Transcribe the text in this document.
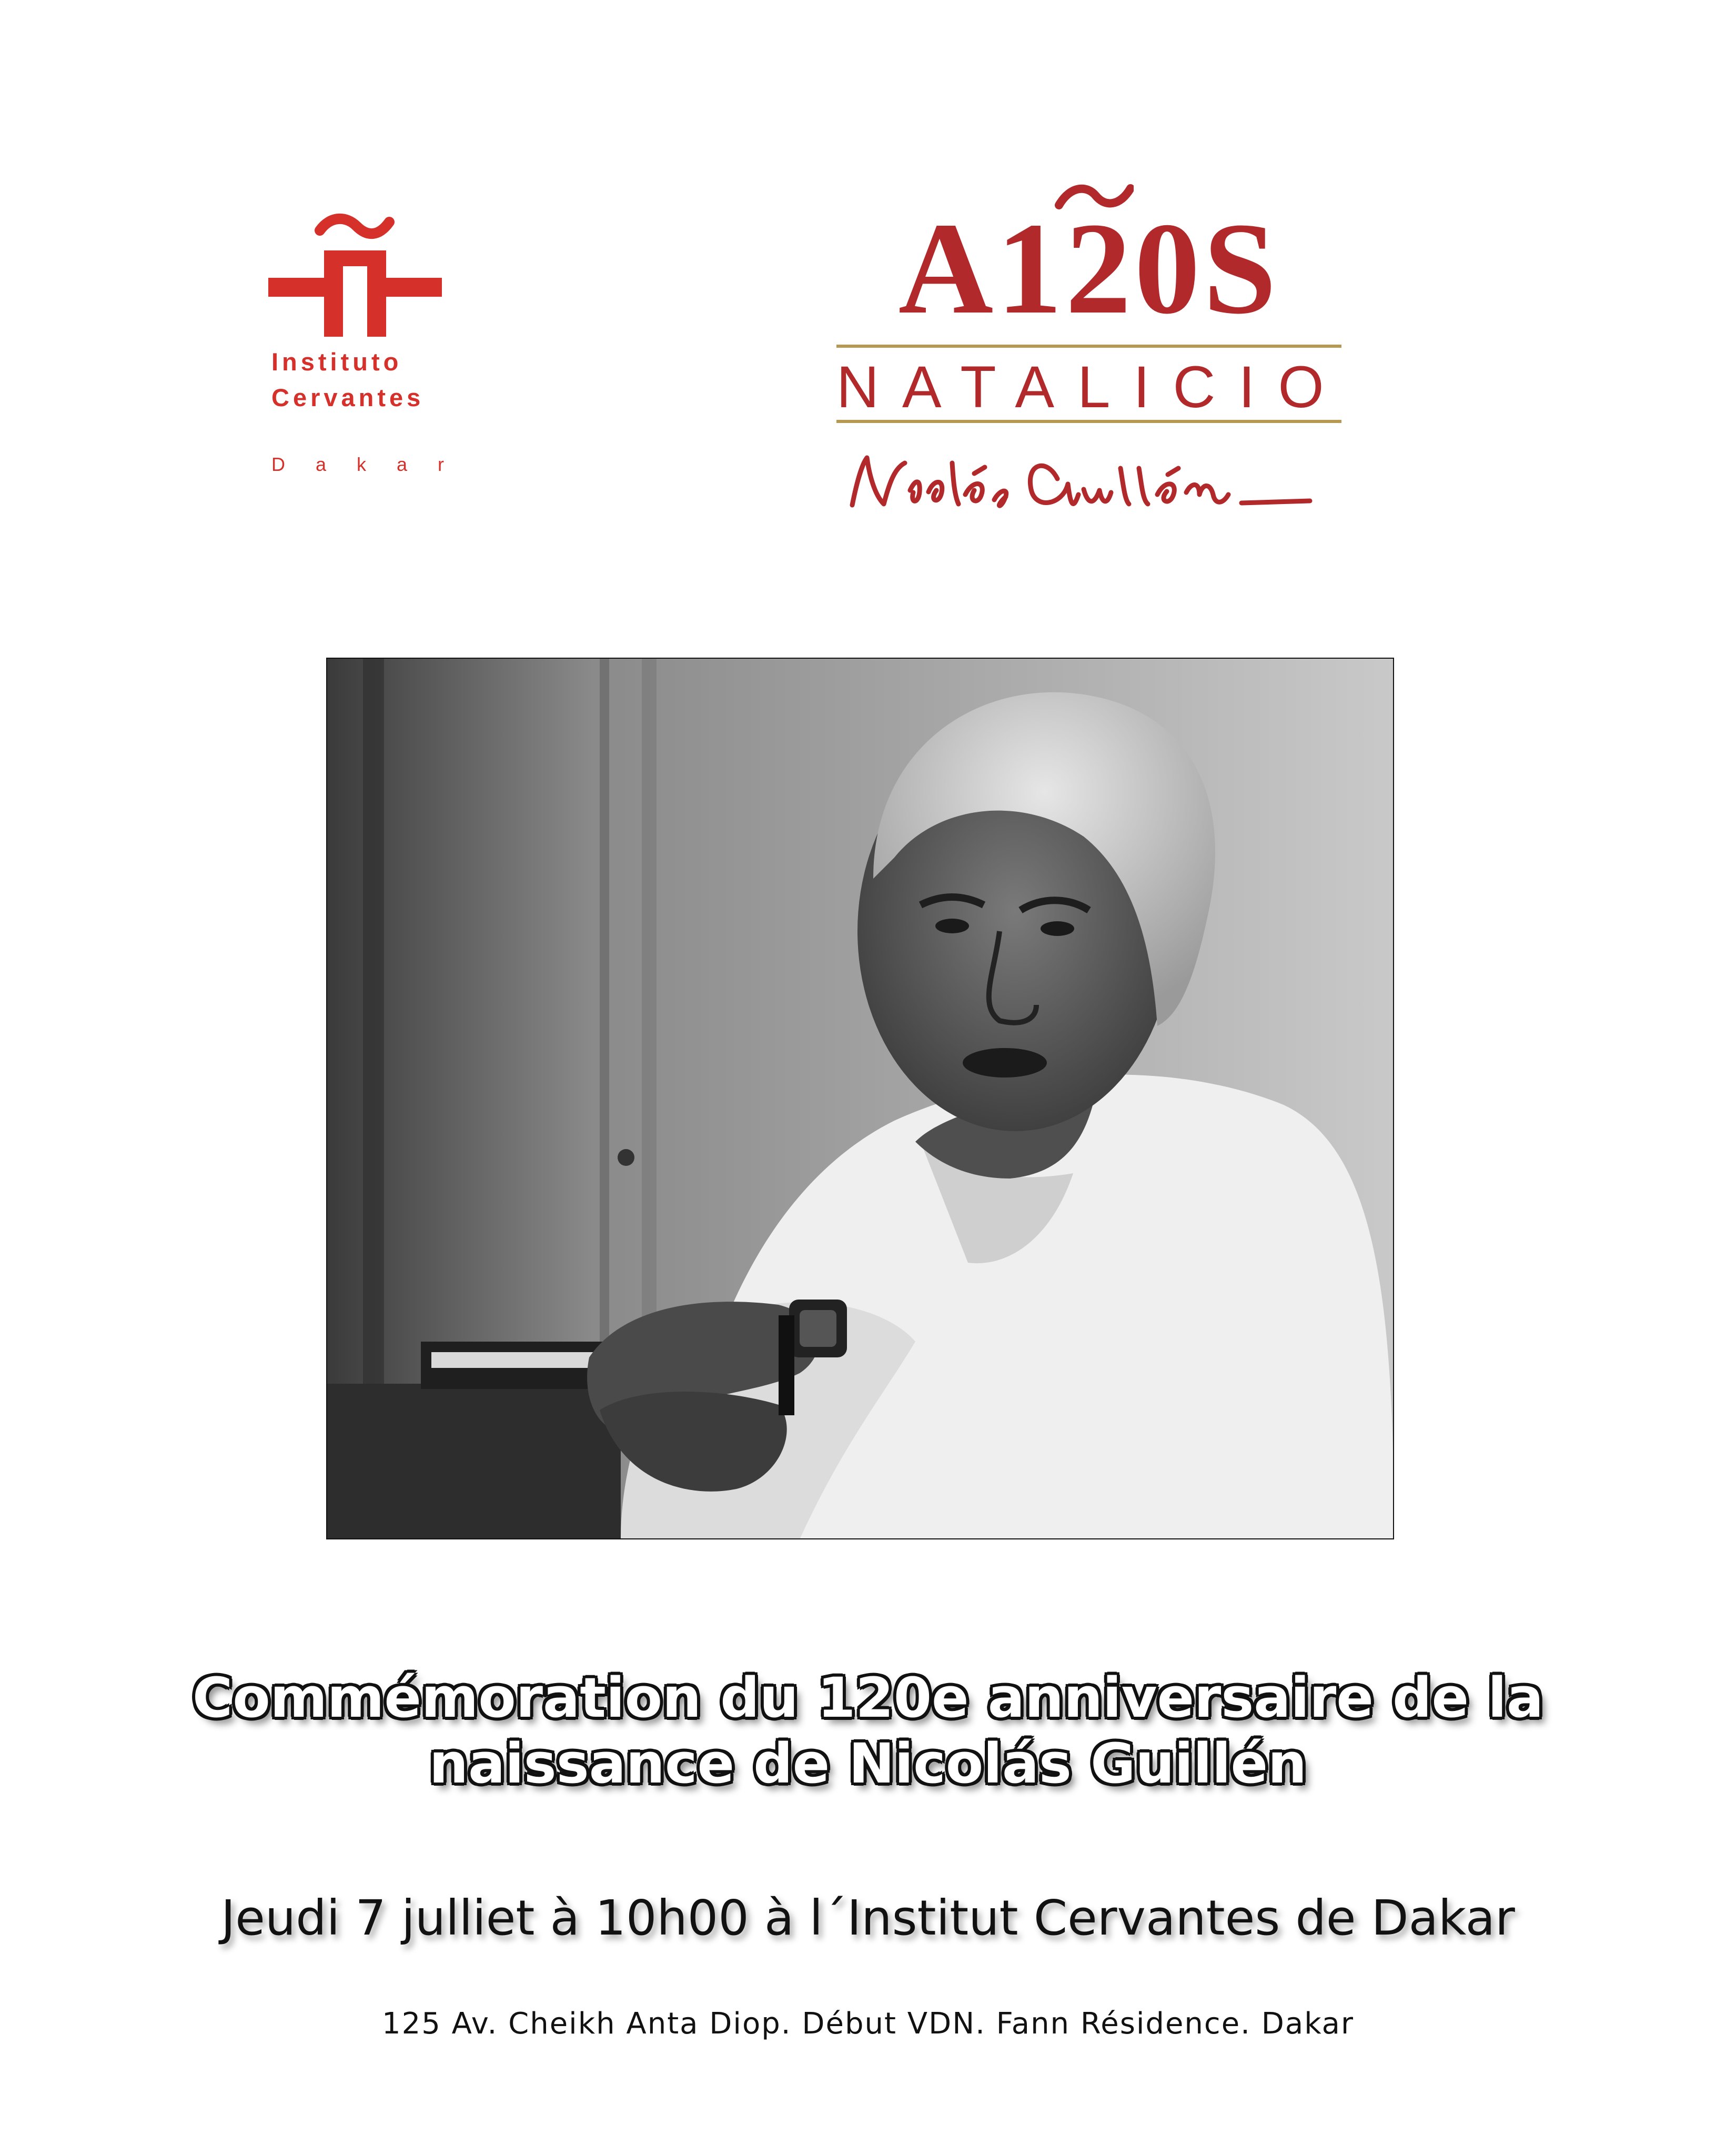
Instituto
Cervantes
Dakar
A120S
NATALICIO
Commémoration du 120e anniversaire de la naissance de Nicolás Guillén
Jeudi 7 julliet à 10h00 à l´Institut Cervantes de Dakar
125 Av. Cheikh Anta Diop. Début VDN. Fann Résidence. Dakar
